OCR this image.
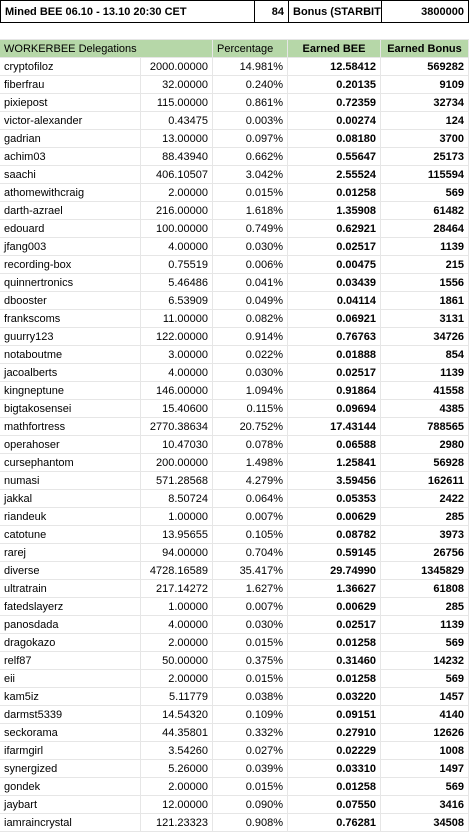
Mined BEE 06.10 - 13.10 20:30 CET	84 Bonus (STARBIT	3800000
WORKERBEE Delegations	Percentage	Earned BEE	Earned Bonus
cryptofiloz	2000.00000	14.981%	12.58412	569282
fiberfrau	32.00000	0.240%	0.20135	9109
pixiepost	115.00000	0.861%	0.72359	32734
victor-alexander	0.43475	0.003%	0.00274	124
gadrian	13.00000	0.097%	0.08180	3700
achim03	88.43940	0.662%	0.55647	25173
saachi	406.10507	3.042%	2.55524	115594
athomewithcraig	2.00000	0.015%	0.01258	569
darth-azrael	216.00000	1.618%	1.35908	61482
edouard	100.00000	0.749%	0.62921	28464
jfang003	4.00000	0.030%	0.02517	1139
recording-box	0.75519	0.006%	0.00475	215
quinnertronics	5.46486	0.041%	0.03439	1556
dbooster	6.53909	0.049%	0.04114	1861
frankscoms	11.00000	0.082%	0.06921	3131
guurry123	122.00000	0.914%	0.76763	34726
notaboutme	3.00000	0.022%	0.01888	854
jacoalberts	4.00000	0.030%	0.02517	1139
kingneptune	146.00000	1.094%	0.91864	41558
bigtakosensei	15.40600	0.115%	0.09694	4385
mathfortress	2770.38634	20.752%	17.43144	788565
operahoser	10.47030	0.078%	0.06588	2980
cursephantom	200.00000	1.498%	1.25841	56928
numasi	571.28568	4.279%	3.59456	162611
jakkal	8.50724	0.064%	0.05353	2422
riandeuk	1.00000	0.007%	0.00629	285
catotune	13.95655	0.105%	0.08782	3973
rarej	94.00000	0.704%	0.59145	26756
diverse	4728.16589	35.417%	29.74990	1345829
ultratrain	217.14272	1.627%	1.36627	61808
fatedslayerz	1.00000	0.007%	0.00629	285
panosdada	4.00000	0.030%	0.02517	1139
dragokazo	2.00000	0.015%	0.01258	569
relf87	50.00000	0.375%	0.31460	14232
eii	2.00000	0.015%	0.01258	569
kam5iz	5.11779	0.038%	0.03220	1457
darmst5339	14.54320	0.109%	0.09151	4140
seckorama	44.35801	0.332%	0.27910	12626
ifarmgirl	3.54260	0.027%	0.02229	1008
synergized	5.26000	0.039%	0.03310	1497
gondek	2.00000	0.015%	0.01258	569
jaybart	12.00000	0.090%	0.07550	3416
iamraincrystal	121.23323	0.908%	0.76281	34508
